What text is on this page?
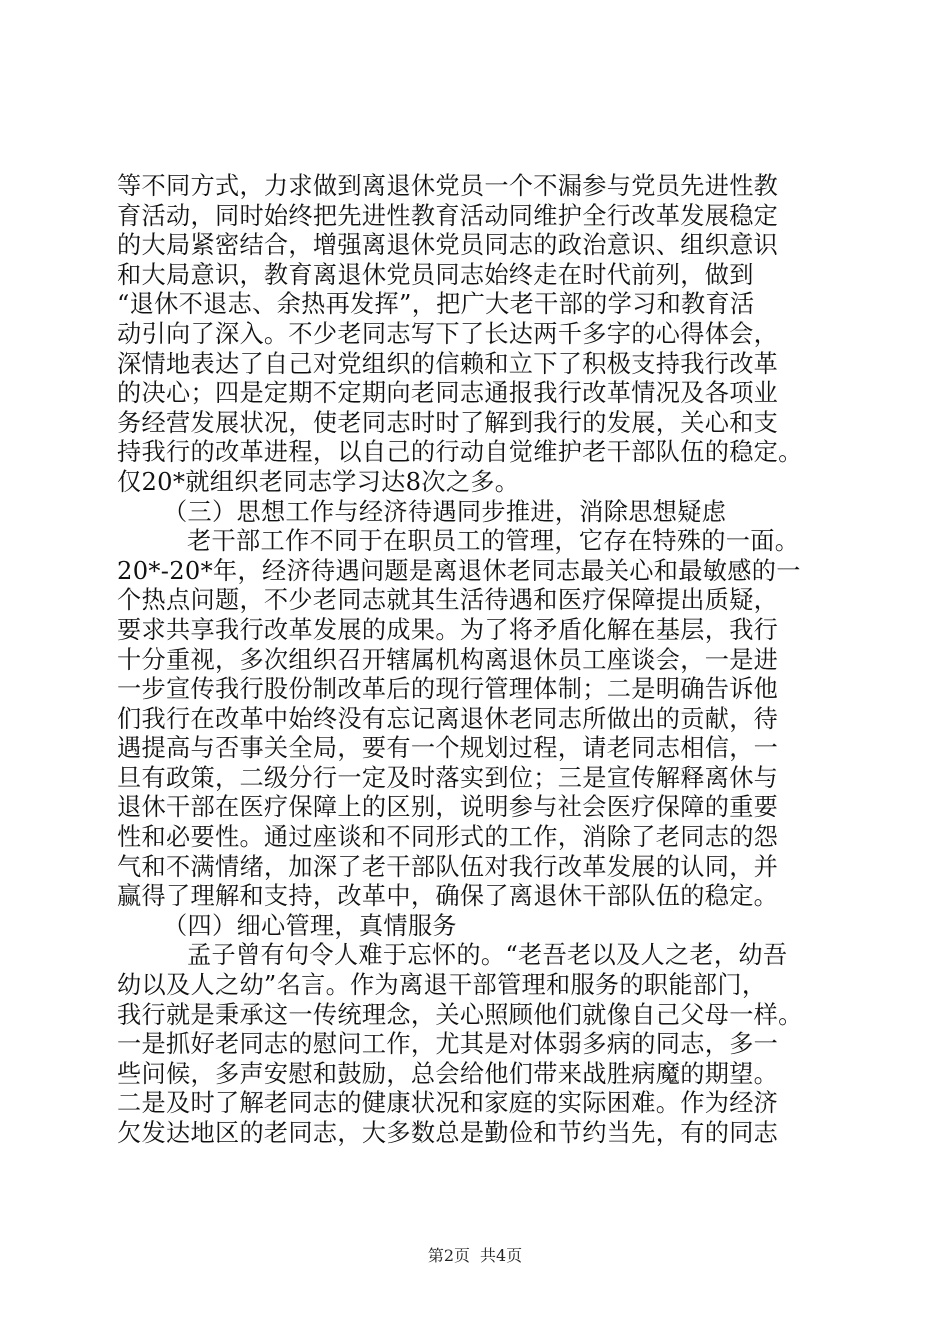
等不同方式，力求做到离退休党员一个不漏参与党员先进性教
育活动，同时始终把先进性教育活动同维护全行改革发展稳定
的大局紧密结合，增强离退休党员同志的政治意识、组织意识
和大局意识，教育离退休党员同志始终走在时代前列，做到
“退休不退志、余热再发挥”，把广大老干部的学习和教育活
动引向了深入。不少老同志写下了长达两千多字的心得体会，
深情地表达了自己对党组织的信赖和立下了积极支持我行改革
的决心；四是定期不定期向老同志通报我行改革情况及各项业
务经营发展状况，使老同志时时了解到我行的发展，关心和支
持我行的改革进程，以自己的行动自觉维护老干部队伍的稳定。
仅20*就组织老同志学习达8次之多。
（三）思想工作与经济待遇同步推进，消除思想疑虑
老干部工作不同于在职员工的管理，它存在特殊的一面。
20*-20*年，经济待遇问题是离退休老同志最关心和最敏感的一
个热点问题，不少老同志就其生活待遇和医疗保障提出质疑，
要求共享我行改革发展的成果。为了将矛盾化解在基层，我行
十分重视，多次组织召开辖属机构离退休员工座谈会，一是进
一步宣传我行股份制改革后的现行管理体制；二是明确告诉他
们我行在改革中始终没有忘记离退休老同志所做出的贡献，待
遇提高与否事关全局，要有一个规划过程，请老同志相信，一
旦有政策，二级分行一定及时落实到位；三是宣传解释离休与
退休干部在医疗保障上的区别，说明参与社会医疗保障的重要
性和必要性。通过座谈和不同形式的工作，消除了老同志的怨
气和不满情绪，加深了老干部队伍对我行改革发展的认同，并
赢得了理解和支持，改革中，确保了离退休干部队伍的稳定。
（四）细心管理，真情服务
孟子曾有句令人难于忘怀的。“老吾老以及人之老，幼吾
幼以及人之幼”名言。作为离退干部管理和服务的职能部门，
我行就是秉承这一传统理念，关心照顾他们就像自己父母一样。
一是抓好老同志的慰问工作，尤其是对体弱多病的同志，多一
些问候，多声安慰和鼓励，总会给他们带来战胜病魔的期望。
二是及时了解老同志的健康状况和家庭的实际困难。作为经济
欠发达地区的老同志，大多数总是勤俭和节约当先，有的同志
第2页 共4页
